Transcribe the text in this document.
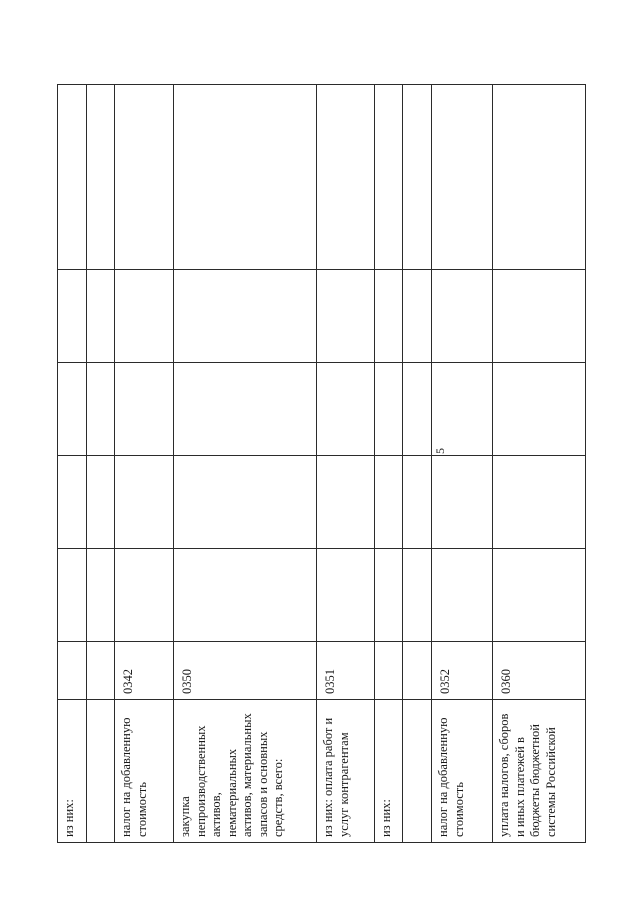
5
из них:						

налог на добавленную стоимость	0342					
закупка непроизводственных активов, нематериальных активов, материальных запасов и основных средств, всего:	0350					
из них: оплата работ и услуг контрагентам	0351					
из них:						

налог на добавленную стоимость	0352					
уплата налогов, сборов и иных платежей в бюджеты бюджетной системы Российской	0360					
